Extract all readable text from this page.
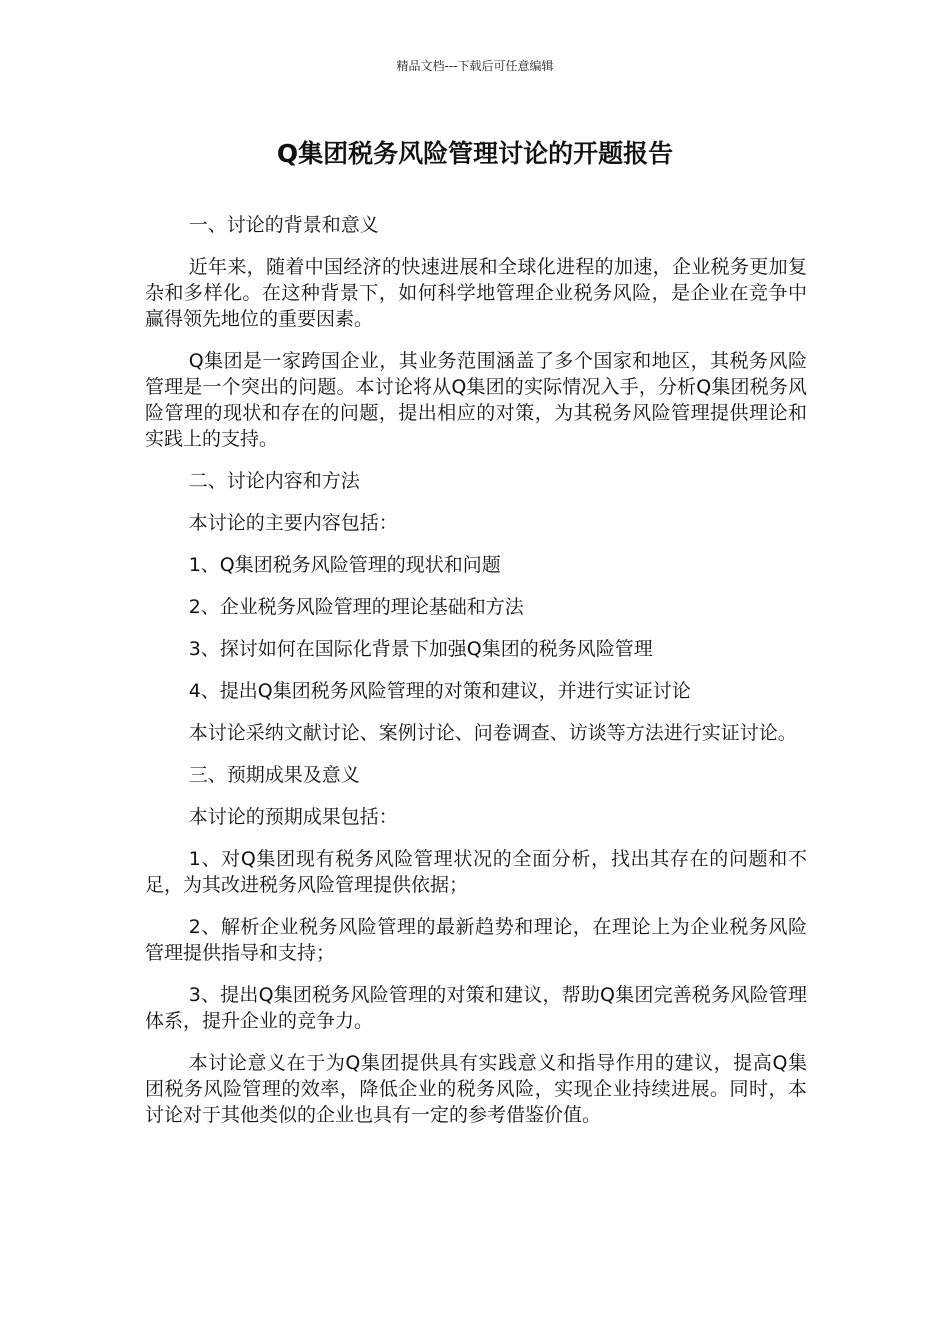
精品文档---下载后可任意编辑
Q集团税务风险管理讨论的开题报告
一、讨论的背景和意义
近年来，随着中国经济的快速进展和全球化进程的加速，企业税务更加复杂和多样化。在这种背景下，如何科学地管理企业税务风险，是企业在竞争中赢得领先地位的重要因素。
Q集团是一家跨国企业，其业务范围涵盖了多个国家和地区，其税务风险管理是一个突出的问题。本讨论将从Q集团的实际情况入手，分析Q集团税务风险管理的现状和存在的问题，提出相应的对策，为其税务风险管理提供理论和实践上的支持。
二、讨论内容和方法
本讨论的主要内容包括：
1、Q集团税务风险管理的现状和问题
2、企业税务风险管理的理论基础和方法
3、探讨如何在国际化背景下加强Q集团的税务风险管理
4、提出Q集团税务风险管理的对策和建议，并进行实证讨论
本讨论采纳文献讨论、案例讨论、问卷调查、访谈等方法进行实证讨论。
三、预期成果及意义
本讨论的预期成果包括：
1、对Q集团现有税务风险管理状况的全面分析，找出其存在的问题和不足，为其改进税务风险管理提供依据；
2、解析企业税务风险管理的最新趋势和理论，在理论上为企业税务风险管理提供指导和支持；
3、提出Q集团税务风险管理的对策和建议，帮助Q集团完善税务风险管理体系，提升企业的竞争力。
本讨论意义在于为Q集团提供具有实践意义和指导作用的建议，提高Q集团税务风险管理的效率，降低企业的税务风险，实现企业持续进展。同时，本讨论对于其他类似的企业也具有一定的参考借鉴价值。
